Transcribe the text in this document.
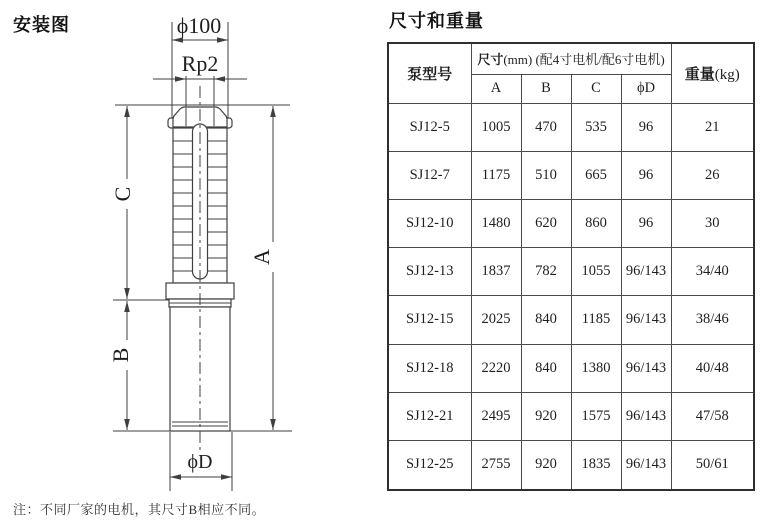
安装图	尺寸和重量
ϕ100
Rp2
A
C
B
ϕD
泵型号	尺寸(mm) (配4寸电机/配6寸电机)				重量(kg)
	A	B	C	ϕD	
SJ12-5	1005	470	535	96	21
SJ12-7	1175	510	665	96	26
SJ12-10	1480	620	860	96	30
SJ12-13	1837	782	1055	96/143	34/40
SJ12-15	2025	840	1185	96/143	38/46
SJ12-18	2220	840	1380	96/143	40/48
SJ12-21	2495	920	1575	96/143	47/58
SJ12-25	2755	920	1835	96/143	50/61
注：不同厂家的电机，其尺寸B相应不同。
